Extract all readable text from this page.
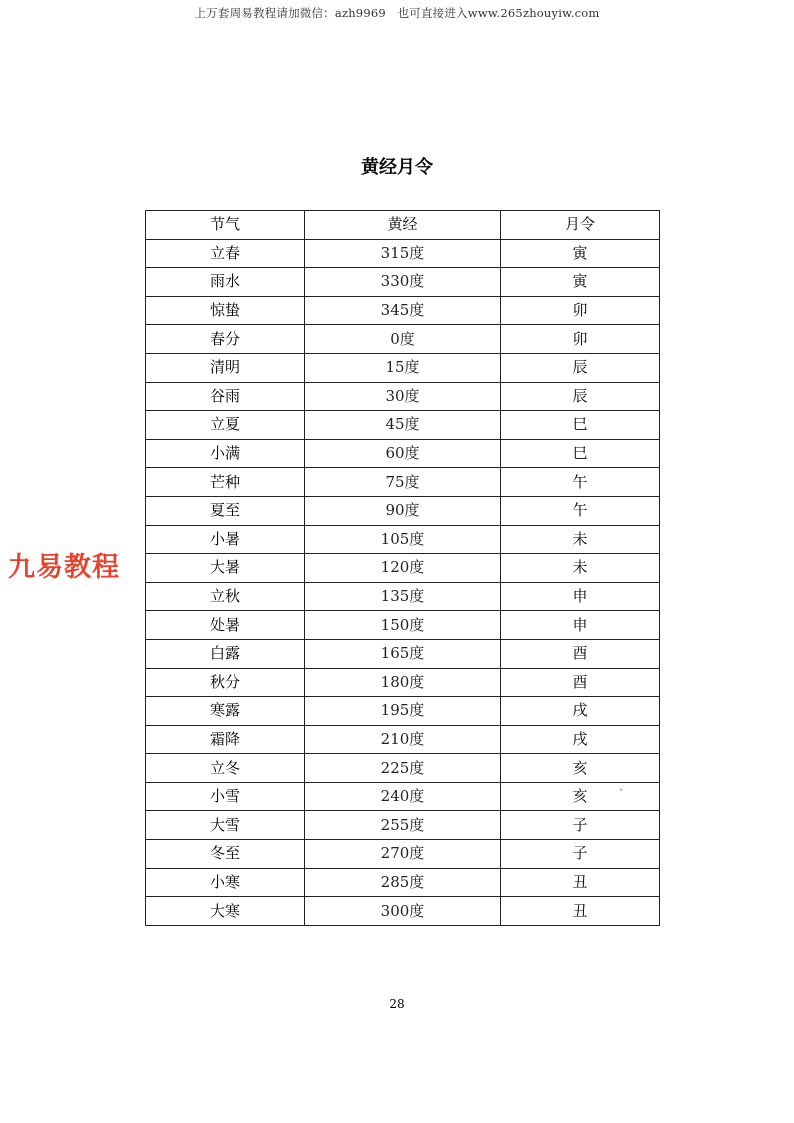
上万套周易教程请加微信：azh9969　也可直接进入www.265zhouyiw.com
黄经月令
九易教程
节气	黄经	月令
立春	315度	寅
雨水	330度	寅
惊蛰	345度	卯
春分	0度	卯
清明	15度	辰
谷雨	30度	辰
立夏	45度	巳
小满	60度	巳
芒种	75度	午
夏至	90度	午
小暑	105度	未
大暑	120度	未
立秋	135度	申
处暑	150度	申
白露	165度	酉
秋分	180度	酉
寒露	195度	戌
霜降	210度	戌
立冬	225度	亥
小雪	240度	亥
大雪	255度	子
冬至	270度	子
小寒	285度	丑
大寒	300度	丑
ˇ
28
